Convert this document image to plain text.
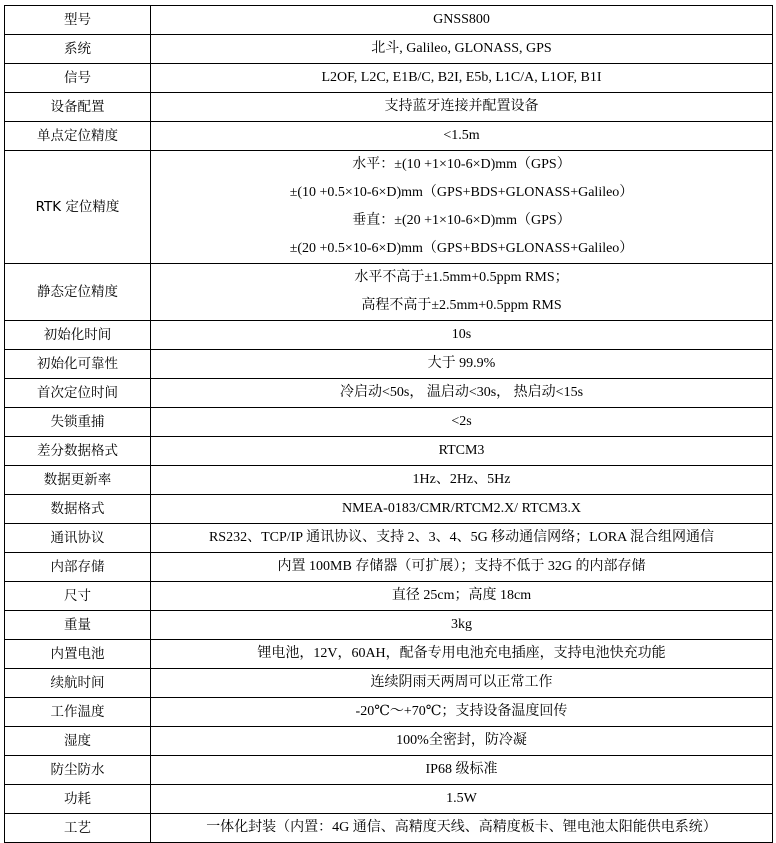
型号	GNSS800

系统	北斗, Galileo, GLONASS, GPS

信号	L2OF, L2C, E1B/C, B2I, E5b, L1C/A, L1OF, B1I

设备配置	支持蓝牙连接并配置设备

单点定位精度	<1.5m

RTK 定位精度	水平：±(10 +1×10-6×D)mm（GPS）
±(10 +0.5×10-6×D)mm（GPS+BDS+GLONASS+Galileo）
垂直：±(20 +1×10-6×D)mm（GPS）
±(20 +0.5×10-6×D)mm（GPS+BDS+GLONASS+Galileo）

静态定位精度	水平不高于±1.5mm+0.5ppm RMS；
高程不高于±2.5mm+0.5ppm RMS

初始化时间	10s

初始化可靠性	大于 99.9%

首次定位时间	冷启动<50s， 温启动<30s， 热启动<15s

失锁重捕	<2s

差分数据格式	RTCM3

数据更新率	1Hz、2Hz、5Hz

数据格式	NMEA-0183/CMR/RTCM2.X/ RTCM3.X

通讯协议	RS232、TCP/IP 通讯协议、支持 2、3、4、5G 移动通信网络；LORA 混合组网通信

内部存储	内置 100MB 存储器（可扩展）；支持不低于 32G 的内部存储

尺寸	直径 25cm；高度 18cm

重量	3kg

内置电池	锂电池，12V，60AH，配备专用电池充电插座，支持电池快充功能

续航时间	连续阴雨天两周可以正常工作

工作温度	-20℃～+70℃；支持设备温度回传

湿度	100%全密封，防冷凝

防尘防水	IP68 级标准

功耗	1.5W

工艺	一体化封装（内置：4G 通信、高精度天线、高精度板卡、锂电池太阳能供电系统）
